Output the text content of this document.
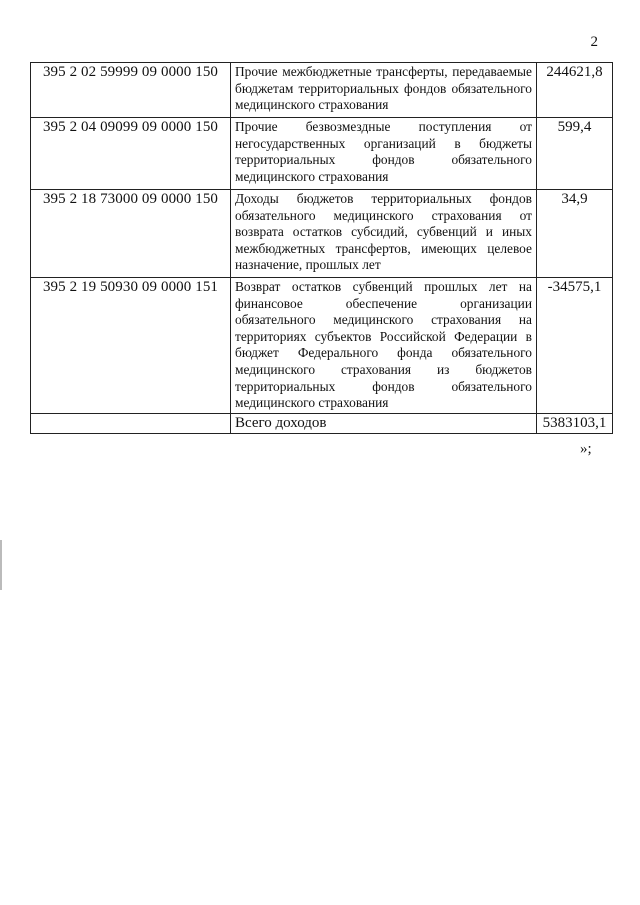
2
395 2 02 59999 09 0000 150	Прочие межбюджетные трансферты, передаваемые бюджетам территориальных фондов обязательного медицинского страхования	244621,8
395 2 04 09099 09 0000 150	Прочие безвозмездные поступления от негосударственных организаций в бюджеты территориальных фондов обязательного медицинского страхования	599,4
395 2 18 73000 09 0000 150	Доходы бюджетов территориальных фондов обязательного медицинского страхования от возврата остатков субсидий, субвенций и иных межбюджетных трансфертов, имеющих целевое назначение, прошлых лет	34,9
395 2 19 50930 09 0000 151	Возврат остатков субвенций прошлых лет на финансовое обеспечение организации обязательного медицинского страхования на территориях субъектов Российской Федерации в бюджет Федерального фонда обязательного медицинского страхования из бюджетов территориальных фондов обязательного медицинского страхования	-34575,1
	Всего доходов	5383103,1
»;
